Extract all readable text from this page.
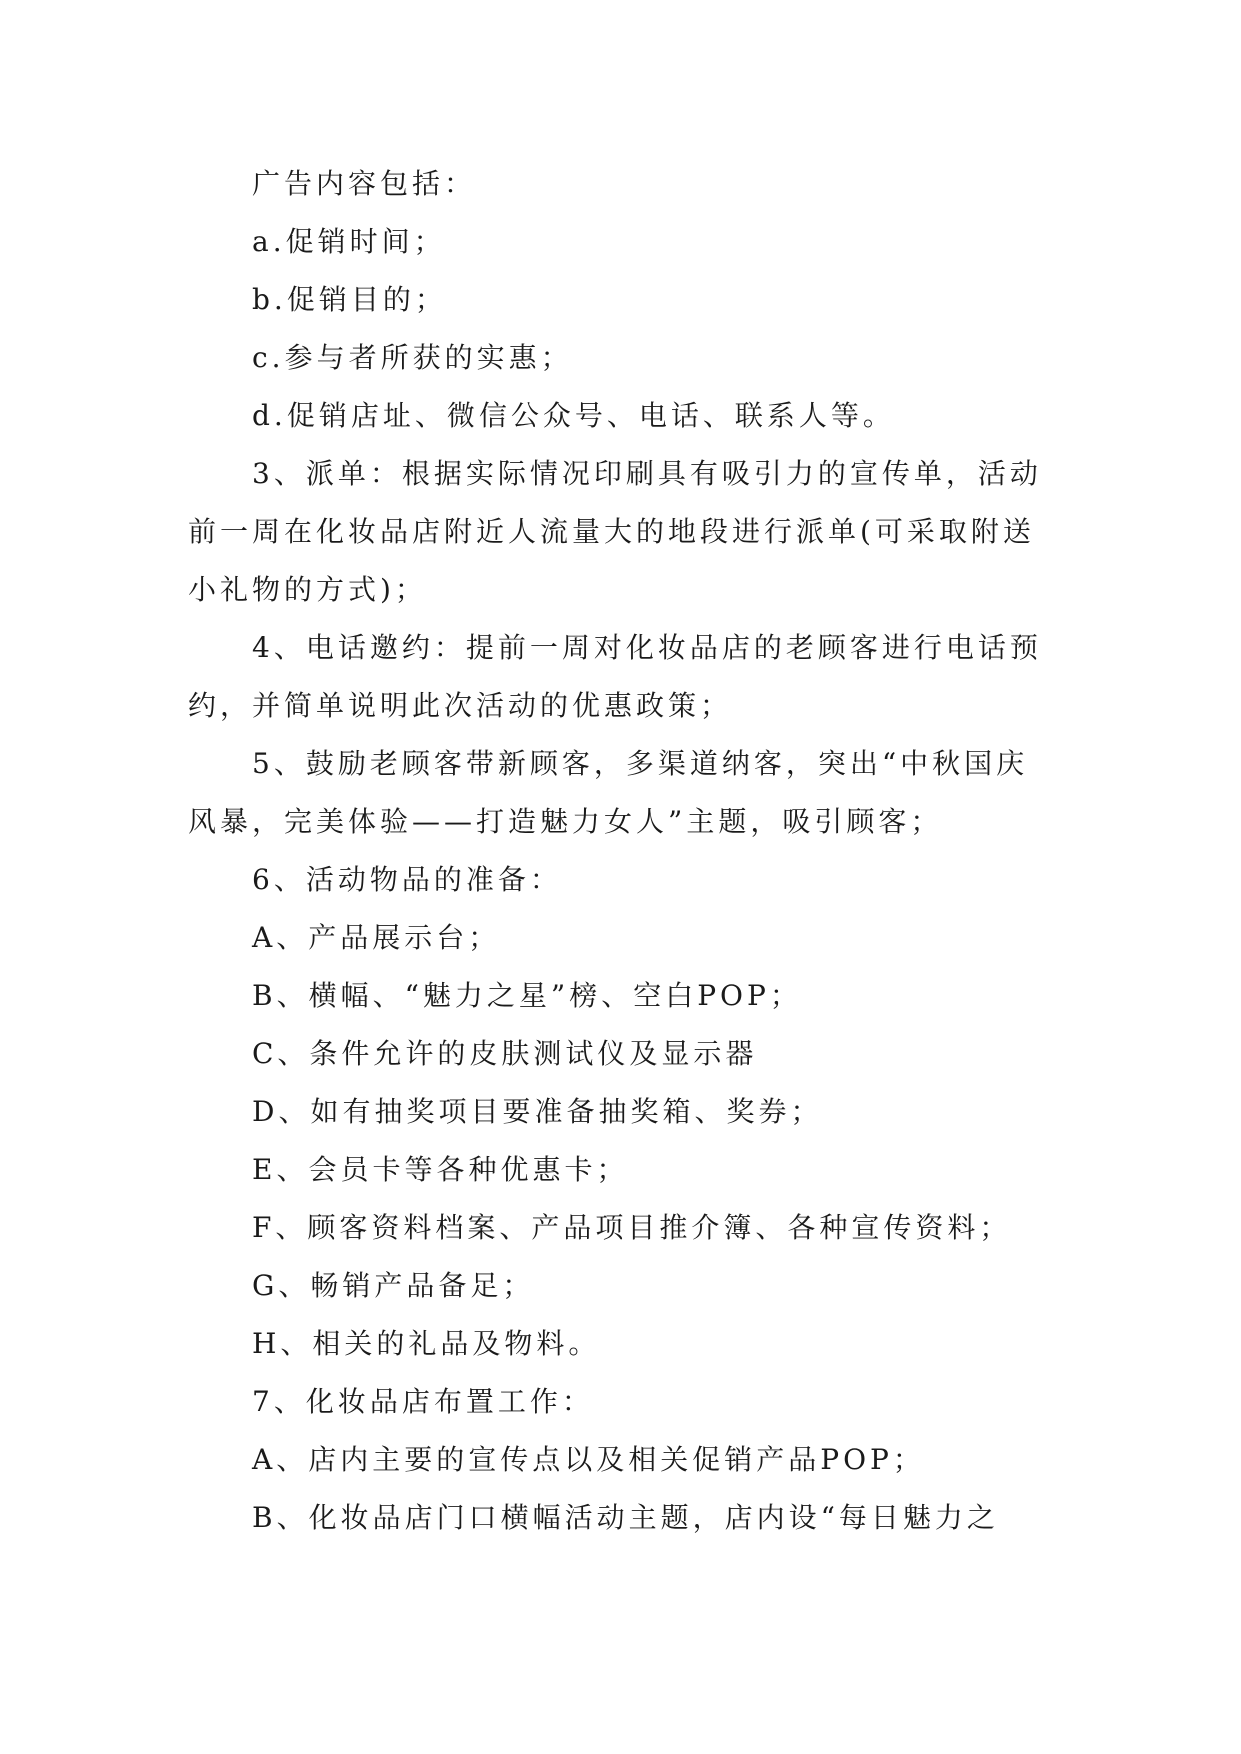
广告内容包括：

a.促销时间；

b.促销目的；

c.参与者所获的实惠；

d.促销店址、微信公众号、电话、联系人等。

3、派单：根据实际情况印刷具有吸引力的宣传单，活动前一周在化妆品店附近人流量大的地段进行派单(可采取附送小礼物的方式)；

4、电话邀约：提前一周对化妆品店的老顾客进行电话预约，并简单说明此次活动的优惠政策；

5、鼓励老顾客带新顾客，多渠道纳客，突出“中秋国庆风暴，完美体验——打造魅力女人”主题，吸引顾客；

6、活动物品的准备：

A、产品展示台；

B、横幅、“魅力之星”榜、空白POP；

C、条件允许的皮肤测试仪及显示器

D、如有抽奖项目要准备抽奖箱、奖券；

E、会员卡等各种优惠卡；

F、顾客资料档案、产品项目推介簿、各种宣传资料；

G、畅销产品备足；

H、相关的礼品及物料。

7、化妆品店布置工作：

A、店内主要的宣传点以及相关促销产品POP；

B、化妆品店门口横幅活动主题，店内设“每日魅力之
